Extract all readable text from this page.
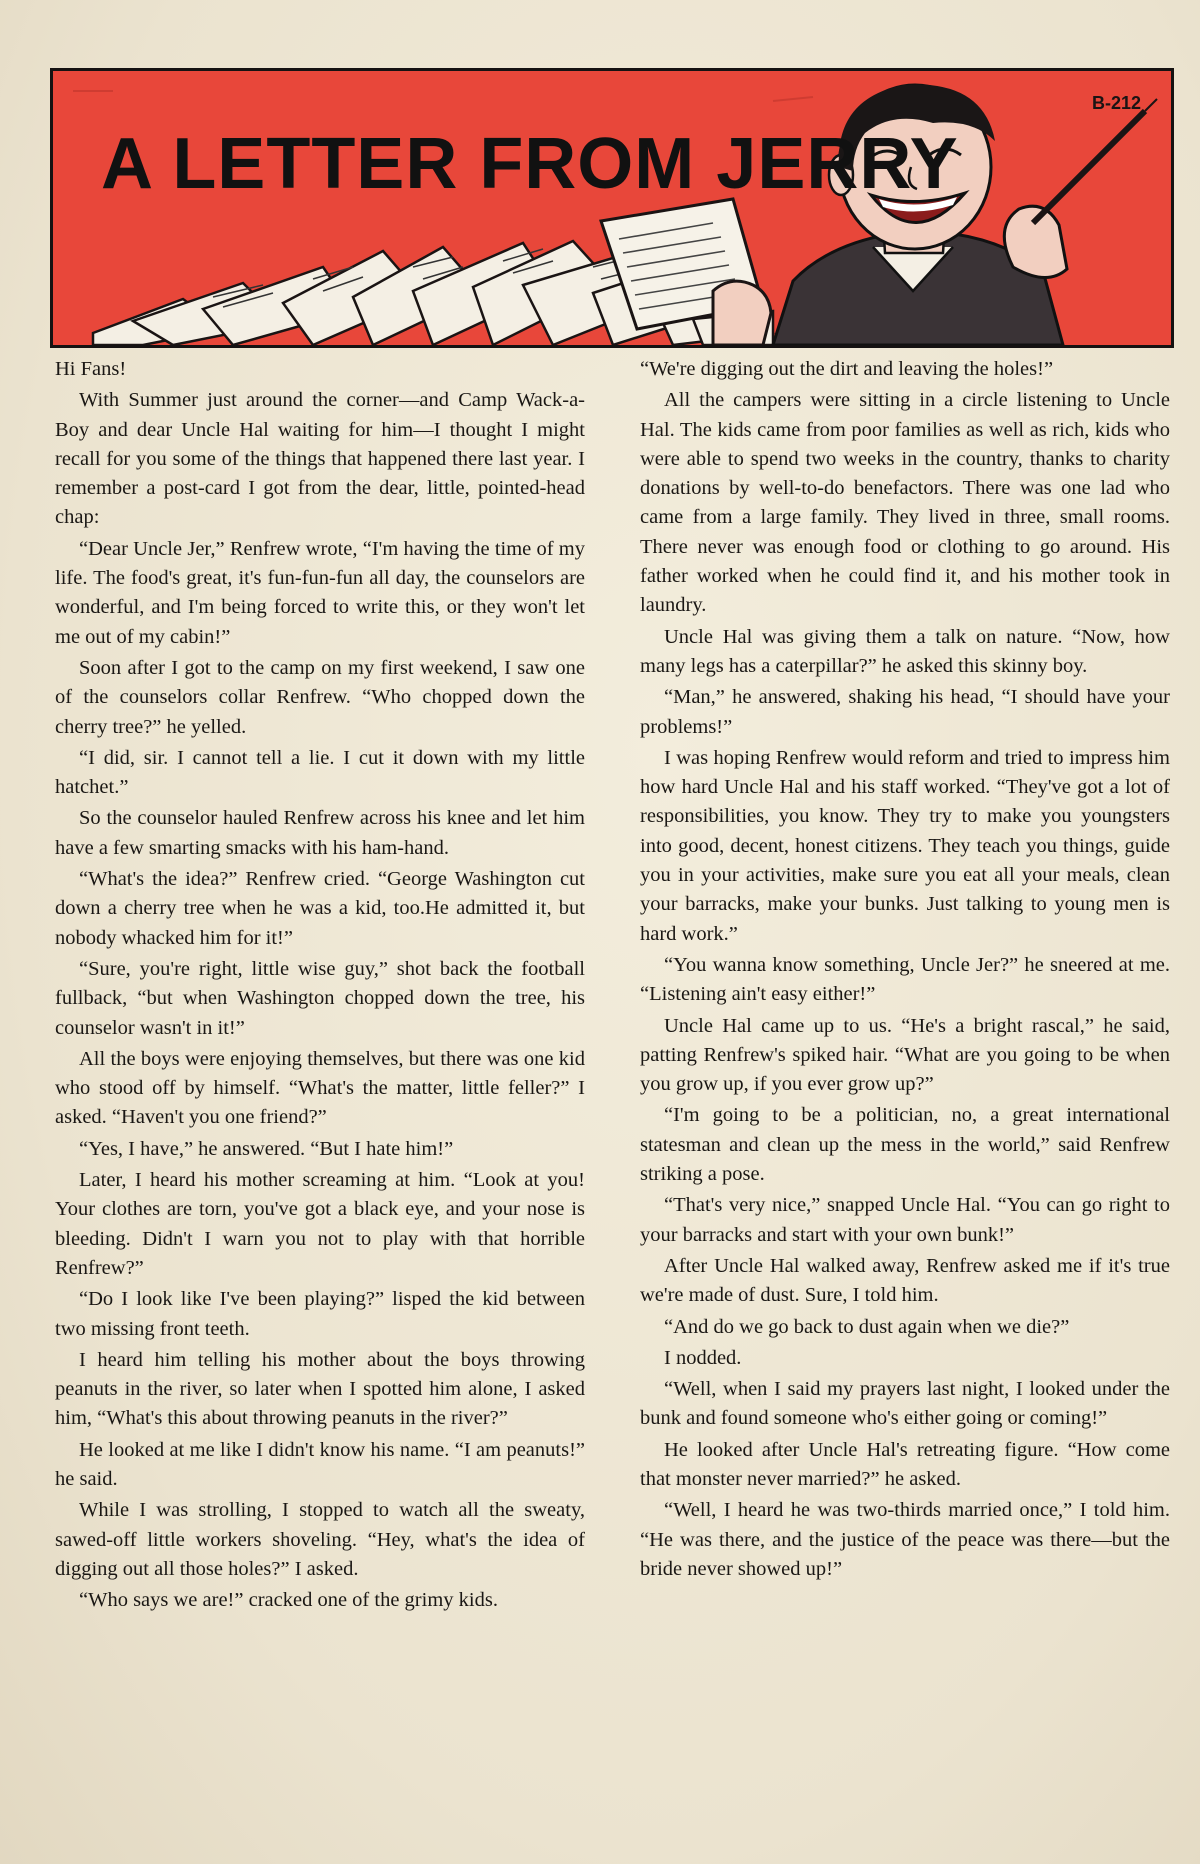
A LETTER FROM JERRY
B-212

Hi Fans!

With Summer just around the corner—and Camp Wack-a-Boy and dear Uncle Hal waiting for him—I thought I might recall for you some of the things that happened there last year. I remember a post-card I got from the dear, little, pointed-head chap:

“Dear Uncle Jer,” Renfrew wrote, “I'm having the time of my life. The food's great, it's fun-fun-fun all day, the counselors are wonderful, and I'm being forced to write this, or they won't let me out of my cabin!”

Soon after I got to the camp on my first weekend, I saw one of the counselors collar Renfrew. “Who chopped down the cherry tree?” he yelled.

“I did, sir. I cannot tell a lie. I cut it down with my little hatchet.”

So the counselor hauled Renfrew across his knee and let him have a few smarting smacks with his ham-hand.

“What's the idea?” Renfrew cried. “George Washington cut down a cherry tree when he was a kid, too.He admitted it, but nobody whacked him for it!”

“Sure, you're right, little wise guy,” shot back the football fullback, “but when Washington chopped down the tree, his counselor wasn't in it!”

All the boys were enjoying themselves, but there was one kid who stood off by himself. “What's the matter, little feller?” I asked. “Haven't you one friend?”

“Yes, I have,” he answered. “But I hate him!”

Later, I heard his mother screaming at him. “Look at you! Your clothes are torn, you've got a black eye, and your nose is bleeding. Didn't I warn you not to play with that horrible Renfrew?”

“Do I look like I've been playing?” lisped the kid between two missing front teeth.

I heard him telling his mother about the boys throwing peanuts in the river, so later when I spotted him alone, I asked him, “What's this about throwing peanuts in the river?”

He looked at me like I didn't know his name. “I am peanuts!” he said.

While I was strolling, I stopped to watch all the sweaty, sawed-off little workers shoveling. “Hey, what's the idea of digging out all those holes?” I asked.

“Who says we are!” cracked one of the grimy kids.

“We're digging out the dirt and leaving the holes!”

All the campers were sitting in a circle listening to Uncle Hal. The kids came from poor families as well as rich, kids who were able to spend two weeks in the country, thanks to charity donations by well-to-do benefactors. There was one lad who came from a large family. They lived in three, small rooms. There never was enough food or clothing to go around. His father worked when he could find it, and his mother took in laundry.

Uncle Hal was giving them a talk on nature. “Now, how many legs has a caterpillar?” he asked this skinny boy.

“Man,” he answered, shaking his head, “I should have your problems!”

I was hoping Renfrew would reform and tried to impress him how hard Uncle Hal and his staff worked. “They've got a lot of responsibilities, you know. They try to make you youngsters into good, decent, honest citizens. They teach you things, guide you in your activities, make sure you eat all your meals, clean your barracks, make your bunks. Just talking to young men is hard work.”

“You wanna know something, Uncle Jer?” he sneered at me. “Listening ain't easy either!”

Uncle Hal came up to us. “He's a bright rascal,” he said, patting Renfrew's spiked hair. “What are you going to be when you grow up, if you ever grow up?”

“I'm going to be a politician, no, a great international statesman and clean up the mess in the world,” said Renfrew striking a pose.

“That's very nice,” snapped Uncle Hal. “You can go right to your barracks and start with your own bunk!”

After Uncle Hal walked away, Renfrew asked me if it's true we're made of dust. Sure, I told him.

“And do we go back to dust again when we die?”

I nodded.

“Well, when I said my prayers last night, I looked under the bunk and found someone who's either going or coming!”

He looked after Uncle Hal's retreating figure. “How come that monster never married?” he asked.

“Well, I heard he was two-thirds married once,” I told him. “He was there, and the justice of the peace was there—but the bride never showed up!”
